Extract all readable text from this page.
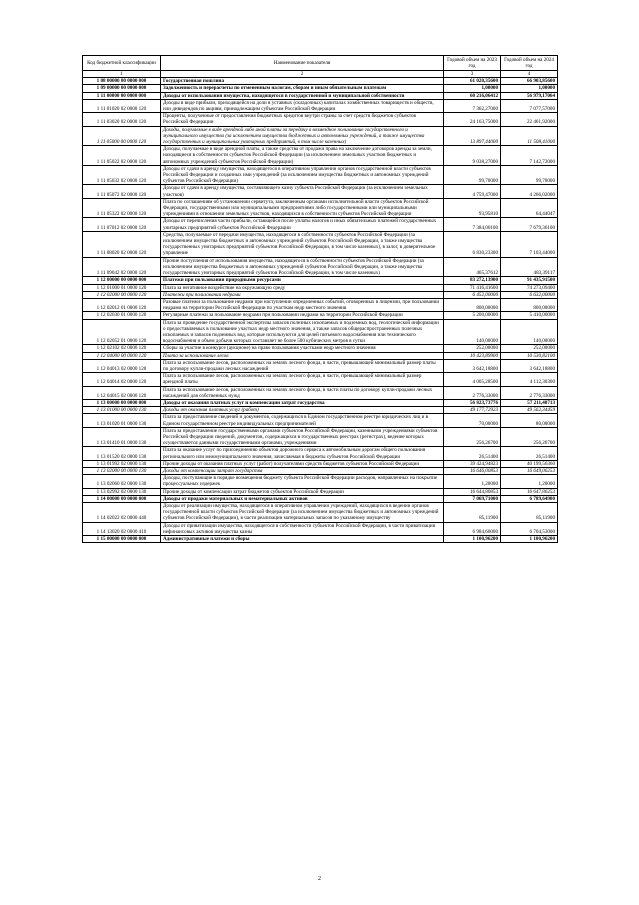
Код бюджетной классификации	Наименование показателя	Годовой объем на 2023 год	Годовой объем на 2024 год
1	2	3	4
1 08 00000 00 0000 000	Государственная пошлина	61 020,35600	66 903,85600
1 09 00000 00 0000 000	Задолженность и перерасчеты по отмененным налогам, сборам и иным обязательным платежам	1,00000	1,00000
1 11 00000 00 0000 000	Доходы от использования имущества, находящегося в государственной и муниципальной собственности	60 216,06412	56 979,17064
1 11 01020 02 0000 120	Доходы в виде прибыли, приходящейся на доли в уставных (складочных) капиталах хозяйственных товариществ и обществ, или дивидендов по акциям, принадлежащим субъектам Российской Федерации	7 362,27000	7 077,57000
1 11 03020 02 0000 120	Проценты, полученные от предоставления бюджетных кредитов внутри страны за счет средств бюджетов субъектов Российской Федерации	24 163,75000	22 461,92000
1 11 05000 00 0000 120	Доходы, получаемые в виде арендной либо иной платы за передачу в возмездное пользование государственного и муниципального имущества (за исключением имущества бюджетных и автономных учреждений, а также имущества государственных и муниципальных унитарных предприятий, в том числе казенных)	13 897,44000	11 508,41000
1 11 05022 02 0000 120	Доходы, получаемые в виде арендной платы, а также средства от продажи права на заключение договоров аренды за земли, находящиеся в собственности субъектов Российской Федерации (за исключением земельных участков бюджетных и автономных учреждений субъектов Российской Федерации)	9 038,27000	7 142,72000
1 11 05032 02 0000 120	Доходы от сдачи в аренду имущества, находящегося в оперативном управлении органов государственной власти субъектов Российской Федерации и созданных ими учреждений (за исключением имущества бюджетных и автономных учреждений субъектов Российской Федерации)	99,70000	99,70000
1 11 05072 02 0000 120	Доходы от сдачи в аренду имущества, составляющего казну субъекта Российской Федерации (за исключением земельных участков)	4 759,47000	4 266,02000
1 11 05322 02 0000 120	Плата по соглашениям об установлении сервитута, заключенным органами исполнительной власти субъектов Российской Федерации, государственными или муниципальными предприятиями либо государственными или муниципальными учреждениями в отношении земельных участков, находящихся в собственности субъектов Российской Федерации	93,95810	64,44047
1 11 07012 02 0000 120	Доходы от перечисления части прибыли, остающейся после уплаты налогов и иных обязательных платежей государственных унитарных предприятий субъектов Российской Федерации	7 384,00100	7 679,36100
1 11 08020 02 0000 120	Средства, получаемые от передачи имущества, находящегося в собственности субъектов Российской Федерации (за исключением имущества бюджетных и автономных учреждений субъектов Российской Федерации, а также имущества государственных унитарных предприятий субъектов Российской Федерации, в том числе казенных), в залог, в доверительное управление	6 830,23300	7 103,44000
1 11 09042 02 0000 120	Прочие поступления от использования имущества, находящегося в собственности субъектов Российской Федерации (за исключением имущества бюджетных и автономных учреждений субъектов Российской Федерации, а также имущества государственных унитарных предприятий субъектов Российской Федерации, в том числе казенных)	465,37612	483,39117
1 12 00000 00 0000 000	Платежи при пользовании природными ресурсами	83 272,13900	91 435,91500
1 12 01000 01 0000 120	Плата за негативное воздействие на окружающую среду	71 416,41600	74 273,09400
1 12 02000 00 0000 120	Платежи при пользовании недрами	6 452,00000	6 632,00000
1 12 02012 01 0000 120	Разовые платежи за пользование недрами при наступлении определенных событий, оговоренных в лицензии, при пользовании недрами на территории Российской Федерации по участкам недр местного значения	800,00000	800,00000
1 12 02030 01 0000 120	Регулярные платежи за пользование недрами при пользовании недрами на территории Российской Федерации	5 200,00000	5 410,00000
1 12 02052 01 0000 120	Плата за проведение государственной экспертизы запасов полезных ископаемых и подземных вод, геологической информации о предоставляемых в пользование участках недр местного значения, а также запасов общераспространенных полезных ископаемых и запасов подземных вод, которые используются для целей питьевого водоснабжения или технического водоснабжения и объем добычи которых составляет не более 500 кубических метров в сутки	140,00000	140,00000
1 12 02102 02 0000 120	Сборы за участие в конкурсе (аукционе) на право пользования участками недр местного значения	252,00000	252,00000
1 12 04000 00 0000 120	Плата за использование лесов	10 423,89900	10 530,82100
1 12 04013 02 0000 120	Плата за использование лесов, расположенных на землях лесного фонда, в части, превышающей минимальный размер платы по договору купли-продажи лесных насаждений	3 642,18800	3 642,18800
1 12 04014 02 0000 120	Плата за использование лесов, расположенных на землях лесного фонда, в части, превышающей минимальный размер арендной платы	4 005,28500	4 112,30300
1 12 04015 02 0000 120	Плата за использование лесов, расположенных на землях лесного фонда, в части платы по договору купли-продажи лесных насаждений для собственных нужд	2 776,33000	2 776,33000
1 13 00000 00 0000 000	Доходы от оказания платных услуг и компенсации затрат государства	56 823,73776	57 211,40713
1 13 01000 00 0000 130	Доходы от оказания платных услуг (работ)	49 177,72923	49 562,34459
1 13 01020 01 0000 130	Плата за предоставление сведений и документов, содержащихся в Едином государственном реестре юридических лиц и в Едином государственном реестре индивидуальных предпринимателей	70,00000	80,00000
1 13 01410 01 0000 130	Плата за предоставление государственными органами субъектов Российской Федерации, казенными учреждениями субъектов Российской Федерации сведений, документов, содержащихся в государственных реестрах (регистрах), ведение которых осуществляется данными государственными органами, учреждениями	256,26700	256,26700
1 13 01520 02 0000 130	Плата за оказание услуг по присоединению объектов дорожного сервиса к автомобильным дорогам общего пользования регионального или межмуниципального значения, зачисляемая в бюджеты субъектов Российской Федерации	26,51400	26,51400
1 13 01992 02 0000 130	Прочие доходы от оказания платных услуг (работ) получателями средств бюджетов субъектов Российской Федерации	39 424,94823	40 199,56360
1 13 02000 00 0000 130	Доходы от компенсации затрат государства	16 646,00853	16 649,06253
1 13 02060 02 0000 130	Доходы, поступающие в порядке возмещения бюджету субъекта Российской Федерации расходов, направленных на покрытие процессуальных издержек	1,20000	1,20000
1 13 02992 02 0000 130	Прочие доходы от компенсации затрат бюджетов субъектов Российской Федерации	16 644,80853	16 647,86253
1 14 00000 00 0000 000	Доходы от продажи материальных и нематериальных активов	7 069,71000	6 789,64900
1 14 02022 02 0000 440	Доходы от реализации имущества, находящегося в оперативном управлении учреждений, находящихся в ведении органов государственной власти субъектов Российской Федерации (за исключением имущества бюджетных и автономных учреждений субъектов Российской Федерации), в части реализации материальных запасов по указанному имуществу	85,11900	85,11900
1 14 13020 02 0000 410	Доходы от приватизации имущества, находящегося в собственности субъектов Российской Федерации, в части приватизации нефинансовых активов имущества казны	6 984,60000	6 704,53000
1 15 00000 00 0000 000	Административные платежи и сборы	1 100,96200	1 100,96200
2
